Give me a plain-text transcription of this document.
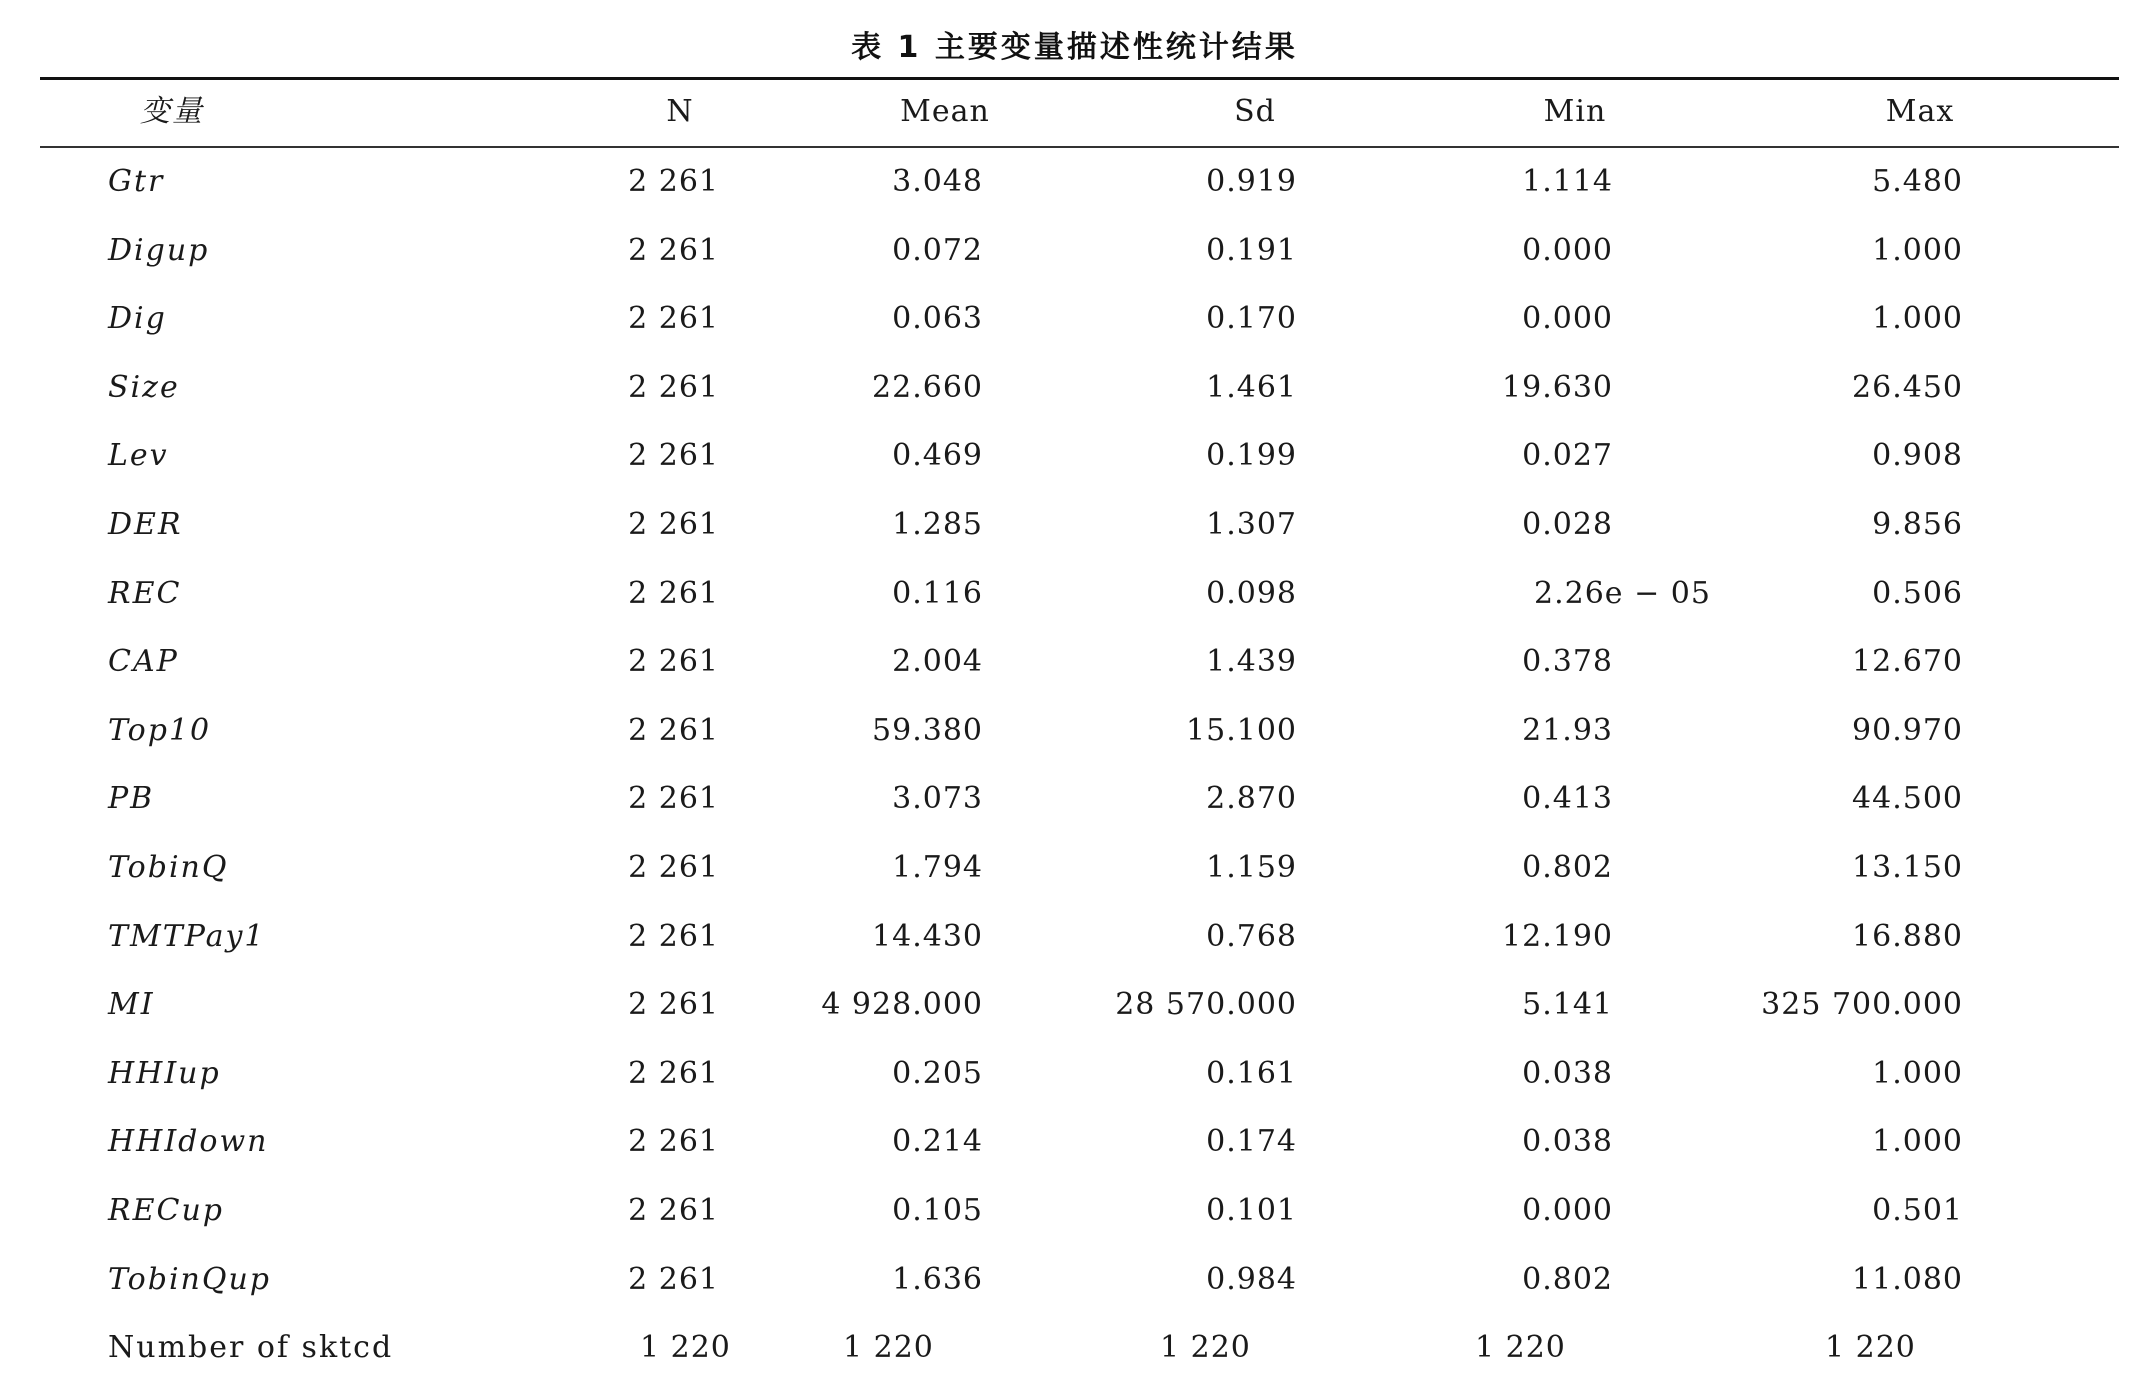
表 1 主要变量描述性统计结果
变量	N	Mean	Sd	Min	Max
Gtr	2 261	3.048	0.919	1.114	5.480
Digup	2 261	0.072	0.191	0.000	1.000
Dig	2 261	0.063	0.170	0.000	1.000
Size	2 261	22.660	1.461	19.630	26.450
Lev	2 261	0.469	0.199	0.027	0.908
DER	2 261	1.285	1.307	0.028	9.856
REC	2 261	0.116	0.098	2.26e − 05	0.506
CAP	2 261	2.004	1.439	0.378	12.670
Top10	2 261	59.380	15.100	21.93	90.970
PB	2 261	3.073	2.870	0.413	44.500
TobinQ	2 261	1.794	1.159	0.802	13.150
TMTPay1	2 261	14.430	0.768	12.190	16.880
MI	2 261	4 928.000	28 570.000	5.141	325 700.000
HHIup	2 261	0.205	0.161	0.038	1.000
HHIdown	2 261	0.214	0.174	0.038	1.000
RECup	2 261	0.105	0.101	0.000	0.501
TobinQup	2 261	1.636	0.984	0.802	11.080
Number of sktcd	1 220	1 220	1 220	1 220	1 220
